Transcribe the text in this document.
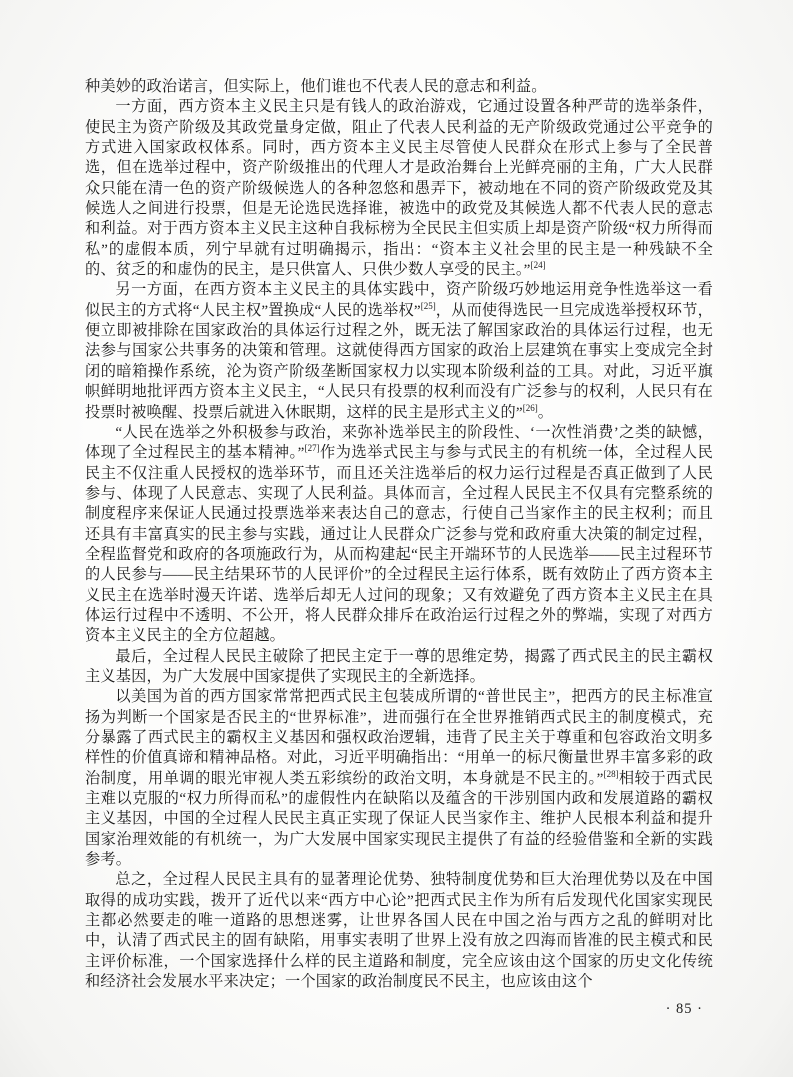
种美妙的政治诺言，但实际上，他们谁也不代表人民的意志和利益。

一方面，西方资本主义民主只是有钱人的政治游戏，它通过设置各种严苛的选举条件，使民主为资产阶级及其政党量身定做，阻止了代表人民利益的无产阶级政党通过公平竞争的方式进入国家政权体系。同时，西方资本主义民主尽管使人民群众在形式上参与了全民普选，但在选举过程中，资产阶级推出的代理人才是政治舞台上光鲜亮丽的主角，广大人民群众只能在清一色的资产阶级候选人的各种忽悠和愚弄下，被动地在不同的资产阶级政党及其候选人之间进行投票，但是无论选民选择谁，被选中的政党及其候选人都不代表人民的意志和利益。对于西方资本主义民主这种自我标榜为全民民主但实质上却是资产阶级“权力所得而私”的虚假本质，列宁早就有过明确揭示，指出：“资本主义社会里的民主是一种残缺不全的、贫乏的和虚伪的民主，是只供富人、只供少数人享受的民主。”[24]

另一方面，在西方资本主义民主的具体实践中，资产阶级巧妙地运用竞争性选举这一看似民主的方式将“人民主权”置换成“人民的选举权”[25]，从而使得选民一旦完成选举授权环节，便立即被排除在国家政治的具体运行过程之外，既无法了解国家政治的具体运行过程，也无法参与国家公共事务的决策和管理。这就使得西方国家的政治上层建筑在事实上变成完全封闭的暗箱操作系统，沦为资产阶级垄断国家权力以实现本阶级利益的工具。对此，习近平旗帜鲜明地批评西方资本主义民主，“人民只有投票的权利而没有广泛参与的权利，人民只有在投票时被唤醒、投票后就进入休眠期，这样的民主是形式主义的”[26]。

“人民在选举之外积极参与政治，来弥补选举民主的阶段性、‘一次性消费’之类的缺憾，体现了全过程民主的基本精神。”[27]作为选举式民主与参与式民主的有机统一体，全过程人民民主不仅注重人民授权的选举环节，而且还关注选举后的权力运行过程是否真正做到了人民参与、体现了人民意志、实现了人民利益。具体而言，全过程人民民主不仅具有完整系统的制度程序来保证人民通过投票选举来表达自己的意志，行使自己当家作主的民主权利；而且还具有丰富真实的民主参与实践，通过让人民群众广泛参与党和政府重大决策的制定过程，全程监督党和政府的各项施政行为，从而构建起“民主开端环节的人民选举——民主过程环节的人民参与——民主结果环节的人民评价”的全过程民主运行体系，既有效防止了西方资本主义民主在选举时漫天许诺、选举后却无人过问的现象；又有效避免了西方资本主义民主在具体运行过程中不透明、不公开，将人民群众排斥在政治运行过程之外的弊端，实现了对西方资本主义民主的全方位超越。

最后，全过程人民民主破除了把民主定于一尊的思维定势，揭露了西式民主的民主霸权主义基因，为广大发展中国家提供了实现民主的全新选择。

以美国为首的西方国家常常把西式民主包装成所谓的“普世民主”，把西方的民主标准宣扬为判断一个国家是否民主的“世界标准”，进而强行在全世界推销西式民主的制度模式，充分暴露了西式民主的霸权主义基因和强权政治逻辑，违背了民主关于尊重和包容政治文明多样性的价值真谛和精神品格。对此，习近平明确指出：“用单一的标尺衡量世界丰富多彩的政治制度，用单调的眼光审视人类五彩缤纷的政治文明，本身就是不民主的。”[28]相较于西式民主难以克服的“权力所得而私”的虚假性内在缺陷以及蕴含的干涉别国内政和发展道路的霸权主义基因，中国的全过程人民民主真正实现了保证人民当家作主、维护人民根本利益和提升国家治理效能的有机统一，为广大发展中国家实现民主提供了有益的经验借鉴和全新的实践参考。

总之，全过程人民民主具有的显著理论优势、独特制度优势和巨大治理优势以及在中国取得的成功实践，拨开了近代以来“西方中心论”把西式民主作为所有后发现代化国家实现民主都必然要走的唯一道路的思想迷雾，让世界各国人民在中国之治与西方之乱的鲜明对比中，认清了西式民主的固有缺陷，用事实表明了世界上没有放之四海而皆准的民主模式和民主评价标准，一个国家选择什么样的民主道路和制度，完全应该由这个国家的历史文化传统和经济社会发展水平来决定；一个国家的政治制度民不民主，也应该由这个

· 85 ·
